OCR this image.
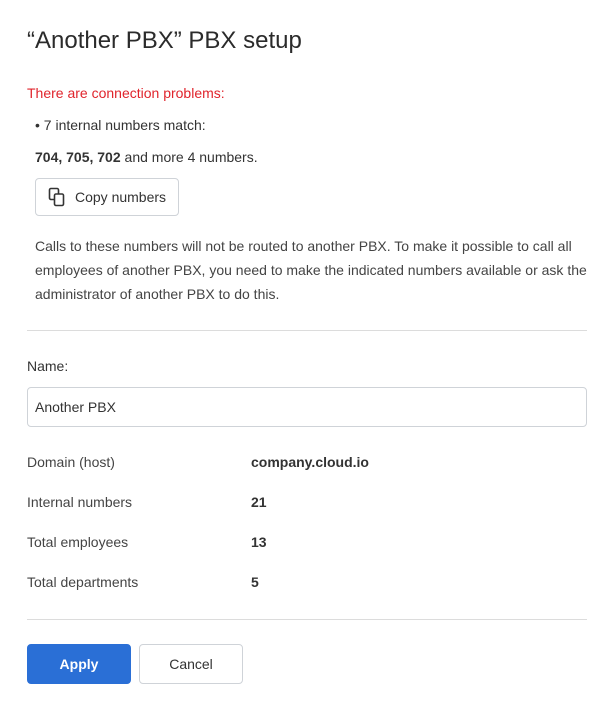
“Another PBX” PBX setup
There are connection problems:
• 7 internal numbers match:
704, 705, 702 and more 4 numbers.
Copy numbers

Calls to these numbers will not be routed to another PBX. To make it possible to call all employees of another PBX, you need to make the indicated numbers available or ask the administrator of another PBX to do this.

Name:
Another PBX
Domain (host)	company.cloud.io
Internal numbers	21
Total employees	13
Total departments	5
Apply	Cancel
